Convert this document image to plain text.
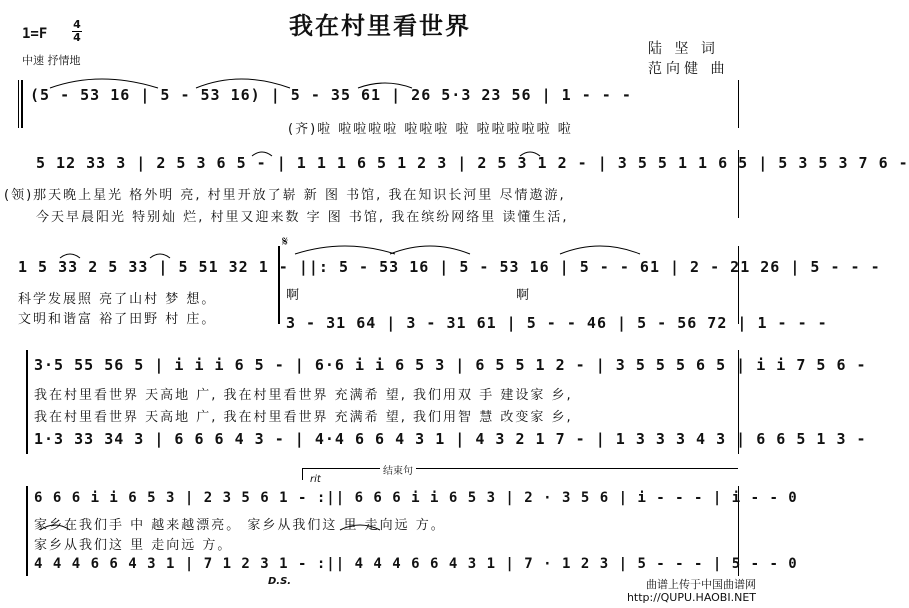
我在村里看世界
1=F
4
4
中速 抒情地
陆 坚 词
范向健 曲
(5 - 53 16 | 5 - 53 16) | 5 - 35 61 | 26 5·3 23 56 | 1 - - -
(齐)啦 啦啦啦啦 啦啦啦 啦 啦啦啦啦啦 啦
5 12 33 3 | 2 5 3 6 5 - | 1 1 1 6 5 1 2 3 | 2 5 3 1 2 - | 3 5 5 1 1 6 5 | 5 3 5 3 7 6 -
(领)那天晚上星光 格外明 亮, 村里开放了崭 新 图 书馆, 我在知识长河里 尽情遨游,
今天早晨阳光 特别灿 烂, 村里又迎来数 字 图 书馆, 我在缤纷网络里 读懂生活,
𝄋
1 5 33 2 5 33 | 5 51 32 1 - ||: 5 - 53 16 | 5 - 53 16 | 5 - - 61 | 2 - 21 26 | 5 - - -
科学发展照 亮了山村 梦 想。
文明和谐富 裕了田野 村 庄。
啊	啊
3 - 31 64 | 3 - 31 61 | 5 - - 46 | 5 - 56 72 | 1 - - -
3·5 55 56 5 | i i i 6 5 - | 6·6 i i 6 5 3 | 6 5 5 1 2 - | 3 5 5 5 6 5 | i i 7 5 6 -
我在村里看世界 天高地 广, 我在村里看世界 充满希 望, 我们用双 手 建设家 乡,
我在村里看世界 天高地 广, 我在村里看世界 充满希 望, 我们用智 慧 改变家 乡,
1·3 33 34 3 | 6 6 6 4 3 - | 4·4 6 6 4 3 1 | 4 3 2 1 7 - | 1 3 3 3 4 3 | 6 6 5 1 3 -
rit
结束句
6 6 6 i i 6 5 3 | 2 3 5 6 1 - :|| 6 6 6 i i 6 5 3 | 2 · 3 5 6 | i - - - | i - - 0
家乡在我们手 中 越来越漂亮。 家乡从我们这 里 走向远 方。
家乡从我们这 里 走向远 方。
4 4 4 6 6 4 3 1 | 7 1 2 3 1 - :|| 4 4 4 6 6 4 3 1 | 7 · 1 2 3 | 5 - - - | 5 - - 0
D.S.	曲谱上传于中国曲谱网
http://QUPU.HAOBI.NET
